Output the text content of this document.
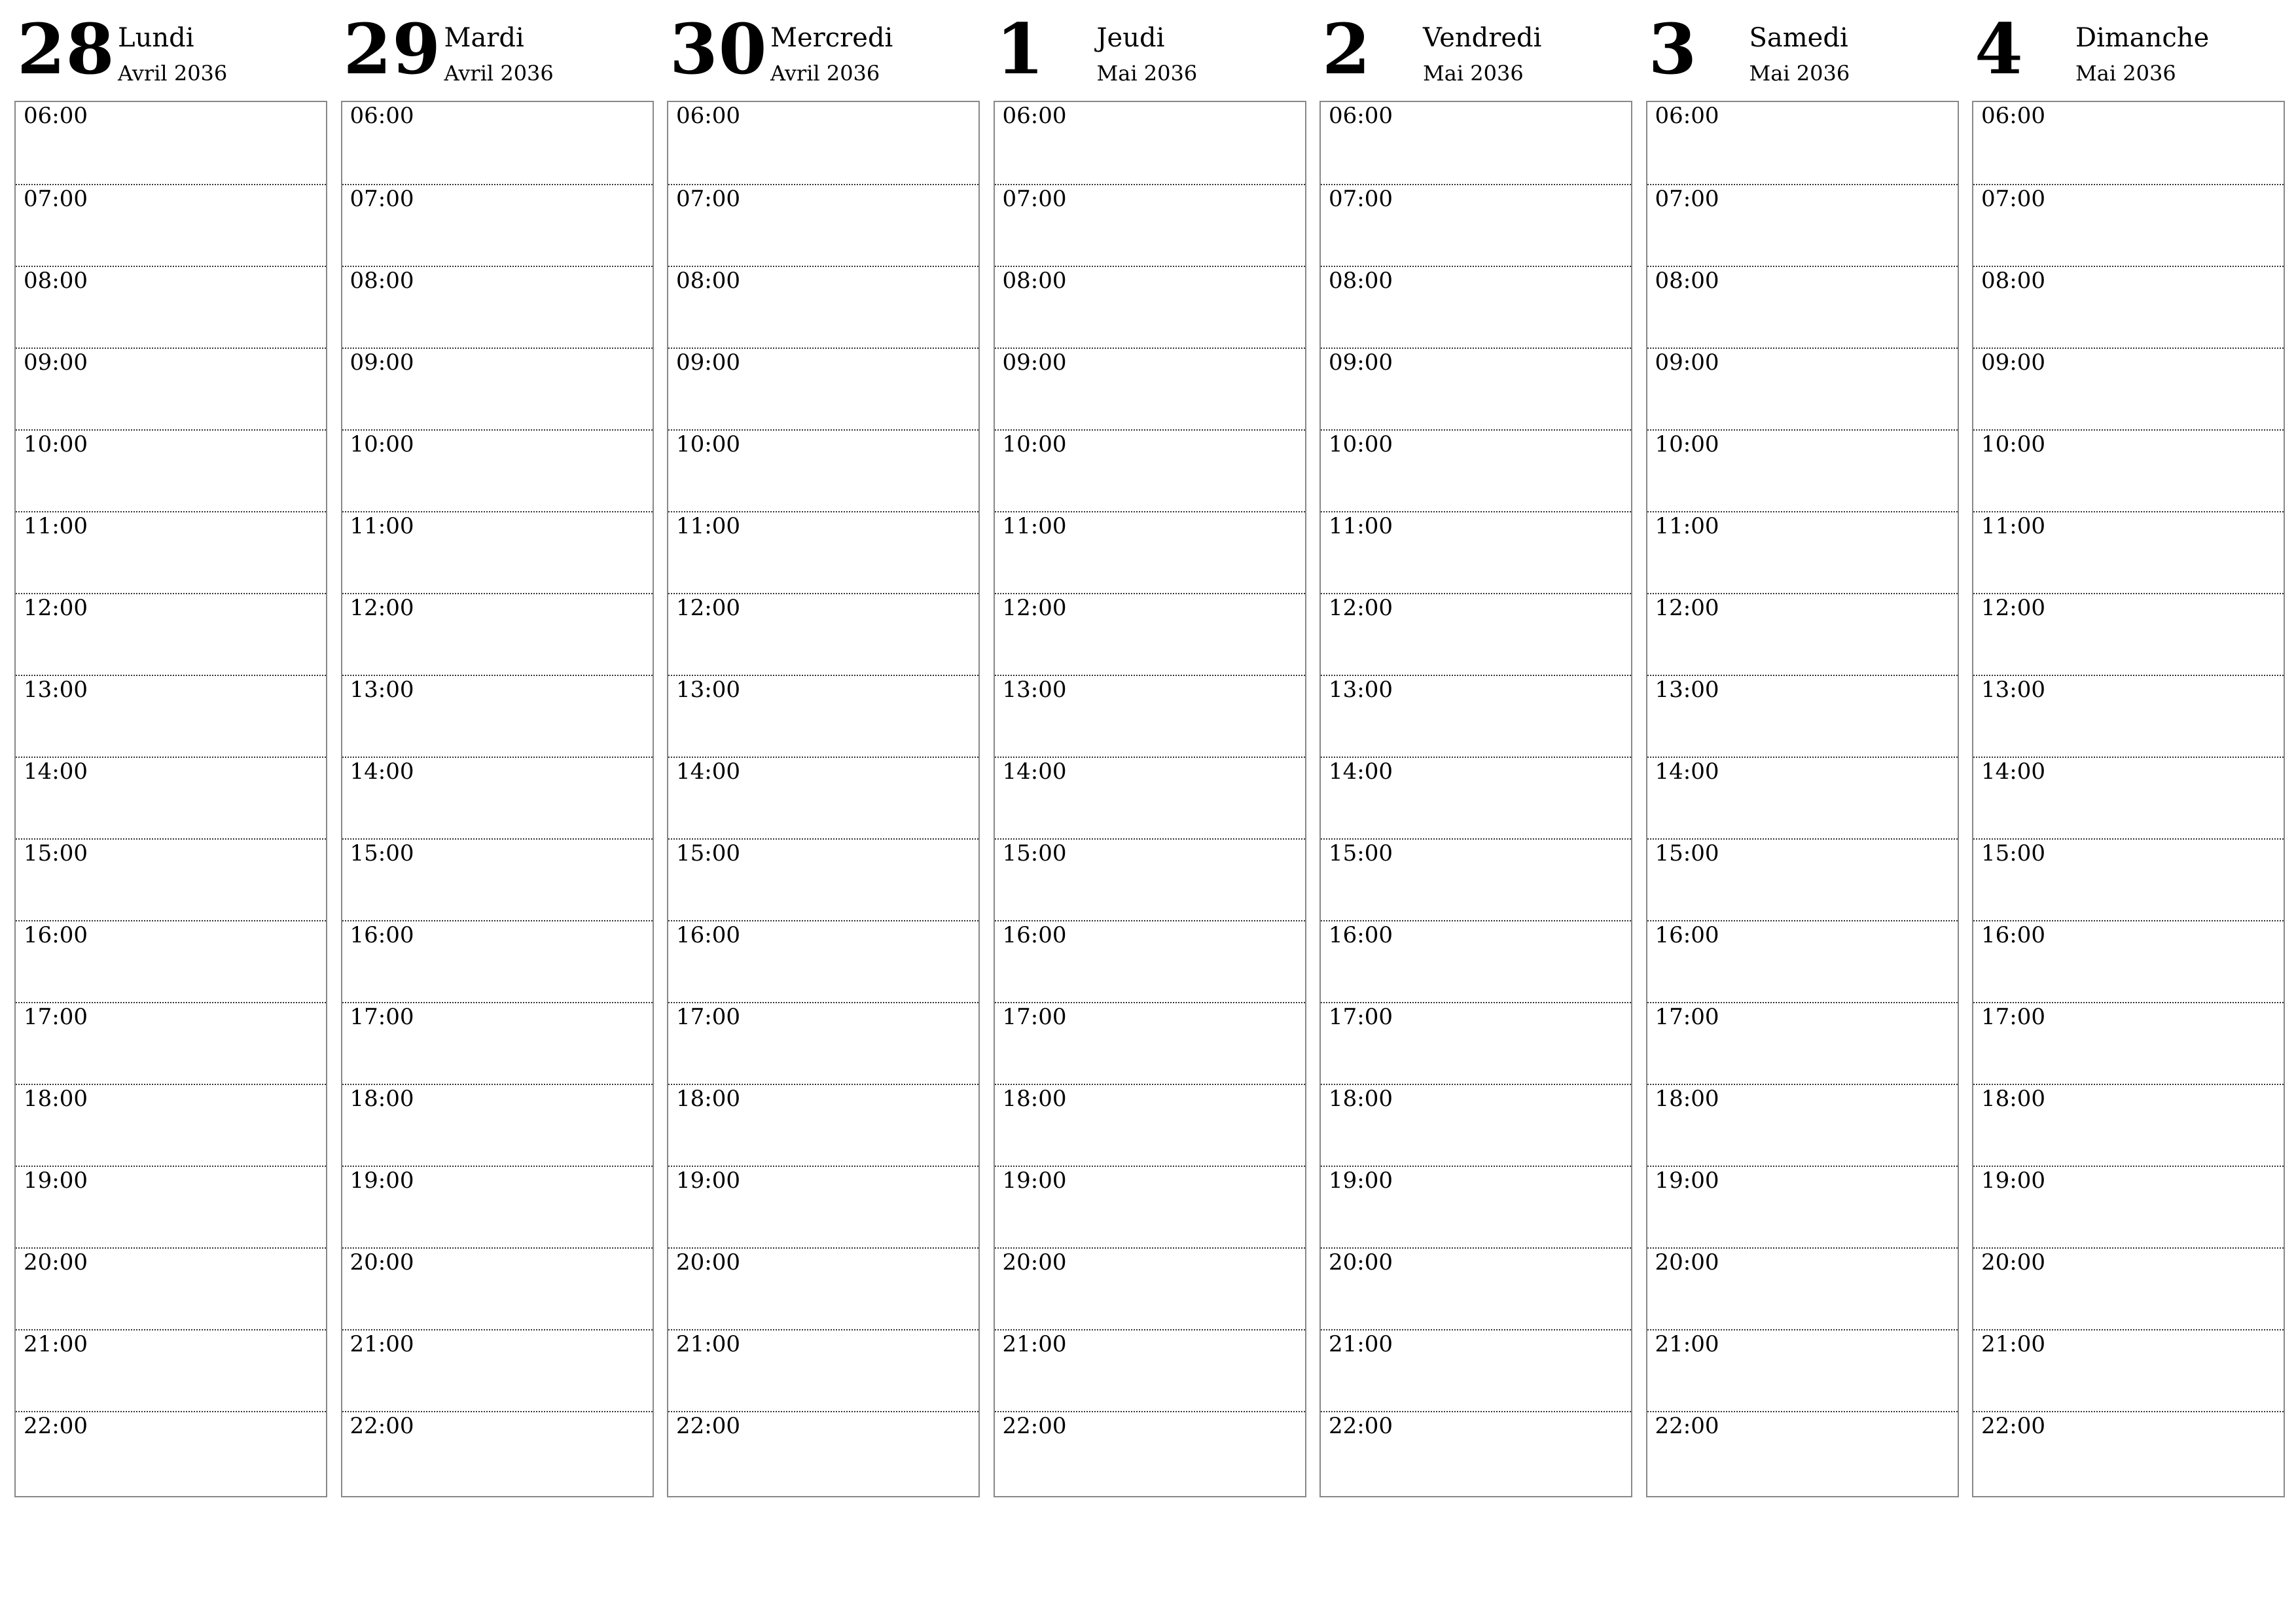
28 Lundi
Avril 2036
06:00
07:00
08:00
09:00
10:00
11:00
12:00
13:00
14:00
15:00
16:00
17:00
18:00
19:00
20:00
21:00
22:00
29 Mardi
Avril 2036
06:00
07:00
08:00
09:00
10:00
11:00
12:00
13:00
14:00
15:00
16:00
17:00
18:00
19:00
20:00
21:00
22:00
30 Mercredi
Avril 2036
06:00
07:00
08:00
09:00
10:00
11:00
12:00
13:00
14:00
15:00
16:00
17:00
18:00
19:00
20:00
21:00
22:00
1 Jeudi
Mai 2036
06:00
07:00
08:00
09:00
10:00
11:00
12:00
13:00
14:00
15:00
16:00
17:00
18:00
19:00
20:00
21:00
22:00
2 Vendredi
Mai 2036
06:00
07:00
08:00
09:00
10:00
11:00
12:00
13:00
14:00
15:00
16:00
17:00
18:00
19:00
20:00
21:00
22:00
3 Samedi
Mai 2036
06:00
07:00
08:00
09:00
10:00
11:00
12:00
13:00
14:00
15:00
16:00
17:00
18:00
19:00
20:00
21:00
22:00
4 Dimanche
Mai 2036
06:00
07:00
08:00
09:00
10:00
11:00
12:00
13:00
14:00
15:00
16:00
17:00
18:00
19:00
20:00
21:00
22:00
